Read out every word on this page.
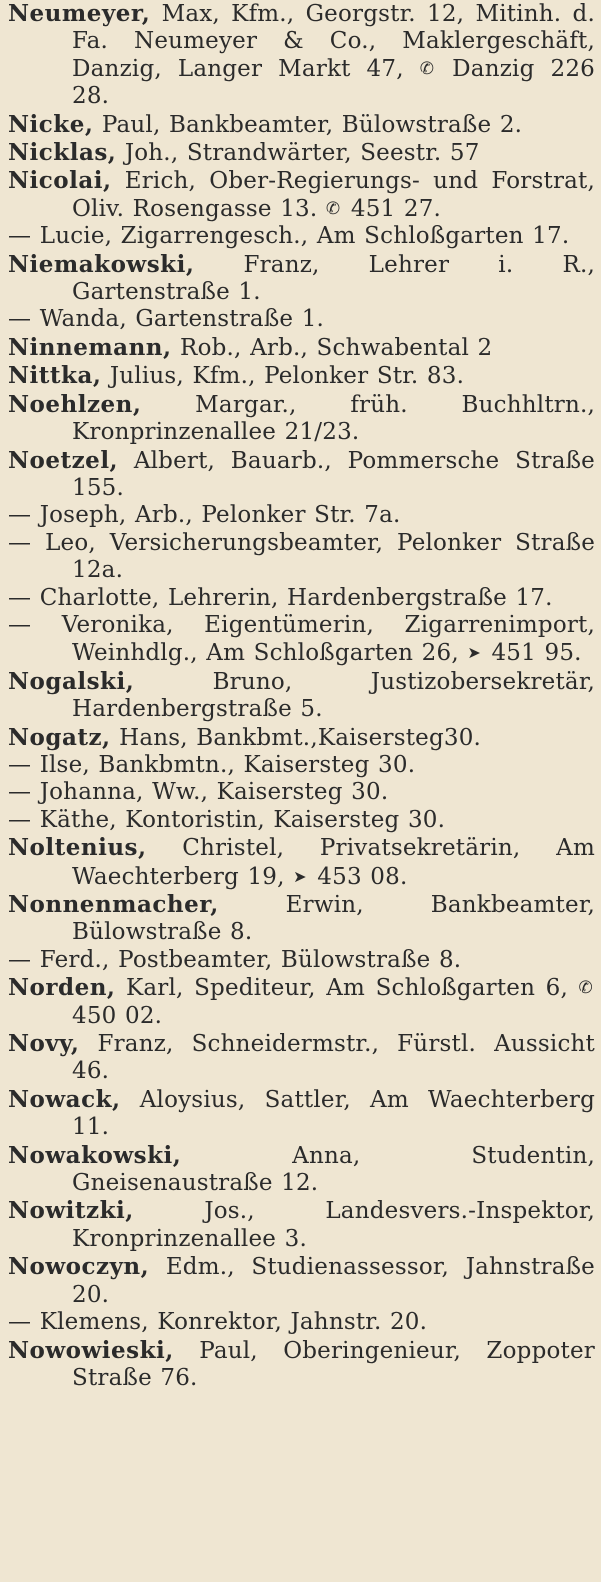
Neumeyer, Max, Kfm., Georgstr. 12, Mitinh. d. Fa. Neumeyer & Co., Maklergeschäft, Danzig, Langer Markt 47, ✆ Danzig 226 28.

Nicke, Paul, Bankbeamter, Bülowstraße 2.

Nicklas, Joh., Strandwärter, Seestr. 57

Nicolai, Erich, Ober-Regierungs- und Forstrat, Oliv. Rosengasse 13. ✆ 451 27.

— Lucie, Zigarrengesch., Am Schloßgarten 17.

Niemakowski, Franz, Lehrer i. R., Gartenstraße 1.

— Wanda, Gartenstraße 1.

Ninnemann, Rob., Arb., Schwabental 2

Nittka, Julius, Kfm., Pelonker Str. 83.

Noehlzen, Margar., früh. Buchhltrn., Kronprinzenallee 21/23.

Noetzel, Albert, Bauarb., Pommersche Straße 155.

— Joseph, Arb., Pelonker Str. 7a.

— Leo, Versicherungsbeamter, Pelonker Straße 12a.

— Charlotte, Lehrerin, Hardenbergstraße 17.

— Veronika, Eigentümerin, Zigarrenimport, Weinhdlg., Am Schloßgarten 26, ➤ 451 95.

Nogalski,	Bruno, Justizobersekretär, Hardenbergstraße 5.

Nogatz, Hans, Bankbmt.,Kaisersteg30.

— Ilse, Bankbmtn., Kaisersteg 30.

— Johanna, Ww., Kaisersteg 30.

— Käthe, Kontoristin, Kaisersteg 30.

Noltenius, Christel, Privatsekretärin, Am Waechterberg 19, ➤ 453 08.

Nonnenmacher,	Erwin, Bankbeamter, Bülowstraße 8.

— Ferd., Postbeamter, Bülowstraße 8.

Norden, Karl, Spediteur, Am Schloßgarten 6, ✆ 450 02.

Novy, Franz, Schneidermstr., Fürstl. Aussicht 46.

Nowack, Aloysius, Sattler, Am Waechterberg 11.

Nowakowski,	Anna, Studentin, Gneisenaustraße 12.

Nowitzki,	Jos., Landesvers.-Inspektor, Kronprinzenallee 3.

Nowoczyn, Edm., Studienassessor, Jahnstraße 20.

— Klemens, Konrektor, Jahnstr. 20.

Nowowieski, Paul, Oberingenieur, Zoppoter Straße 76.
